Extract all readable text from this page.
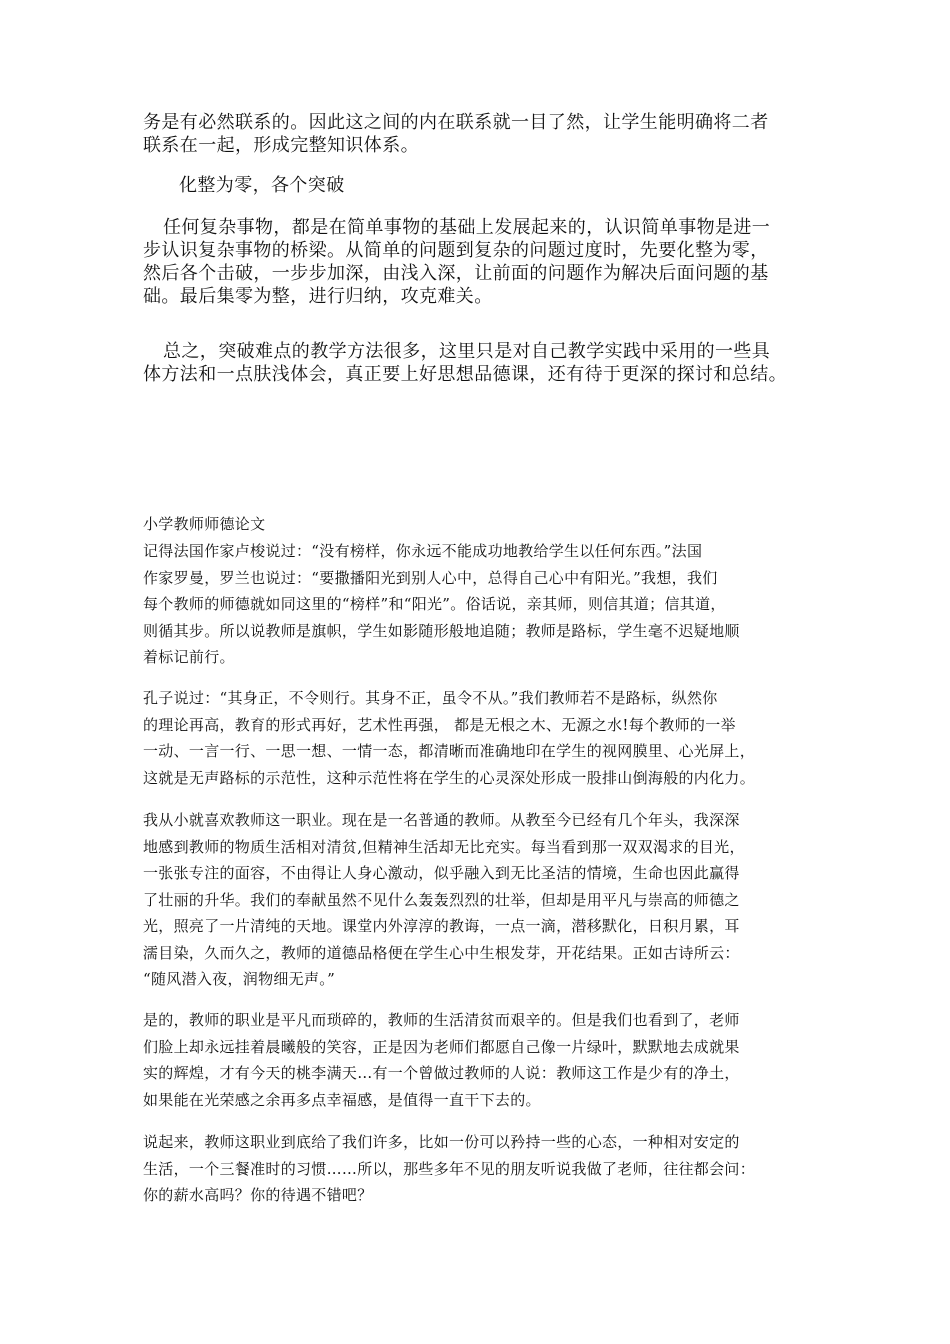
务是有必然联系的。因此这之间的内在联系就一目了然，让学生能明确将二者

联系在一起，形成完整知识体系。

化整为零，各个突破

任何复杂事物，都是在简单事物的基础上发展起来的，认识简单事物是进一

步认识复杂事物的桥梁。从简单的问题到复杂的问题过度时，先要化整为零，

然后各个击破，一步步加深，由浅入深，让前面的问题作为解决后面问题的基

础。最后集零为整，进行归纳，攻克难关。

总之，突破难点的教学方法很多，这里只是对自己教学实践中采用的一些具

体方法和一点肤浅体会，真正要上好思想品德课，还有待于更深的探讨和总结。

小学教师师德论文

记得法国作家卢梭说过：“没有榜样，你永远不能成功地教给学生以任何东西。”法国

作家罗曼，罗兰也说过：“要撒播阳光到别人心中，总得自己心中有阳光。”我想，我们

每个教师的师德就如同这里的“榜样”和“阳光”。俗话说，亲其师，则信其道；信其道，

则循其步。所以说教师是旗帜，学生如影随形般地追随；教师是路标，学生毫不迟疑地顺

着标记前行。

孔子说过：“其身正，不令则行。其身不正，虽令不从。”我们教师若不是路标，纵然你

的理论再高，教育的形式再好，艺术性再强， 都是无根之木、无源之水!每个教师的一举

一动、一言一行、一思一想、一情一态，都清晰而准确地印在学生的视网膜里、心光屏上，

这就是无声路标的示范性，这种示范性将在学生的心灵深处形成一股排山倒海般的内化力。

我从小就喜欢教师这一职业。现在是一名普通的教师。从教至今已经有几个年头，我深深

地感到教师的物质生活相对清贫,但精神生活却无比充实。每当看到那一双双渴求的目光，

一张张专注的面容，不由得让人身心激动，似乎融入到无比圣洁的情境，生命也因此赢得

了壮丽的升华。我们的奉献虽然不见什么轰轰烈烈的壮举，但却是用平凡与崇高的师德之

光，照亮了一片清纯的天地。课堂内外淳淳的教诲，一点一滴，潜移默化，日积月累，耳

濡目染，久而久之，教师的道德品格便在学生心中生根发芽，开花结果。正如古诗所云：

“随风潜入夜，润物细无声。”

是的，教师的职业是平凡而琐碎的，教师的生活清贫而艰辛的。但是我们也看到了，老师

们脸上却永远挂着晨曦般的笑容，正是因为老师们都愿自己像一片绿叶，默默地去成就果

实的辉煌，才有今天的桃李满天…有一个曾做过教师的人说：教师这工作是少有的净土，

如果能在光荣感之余再多点幸福感，是值得一直干下去的。

说起来，教师这职业到底给了我们许多，比如一份可以矜持一些的心态，一种相对安定的

生活，一个三餐准时的习惯……所以，那些多年不见的朋友听说我做了老师，往往都会问：

你的薪水高吗？你的待遇不错吧？
